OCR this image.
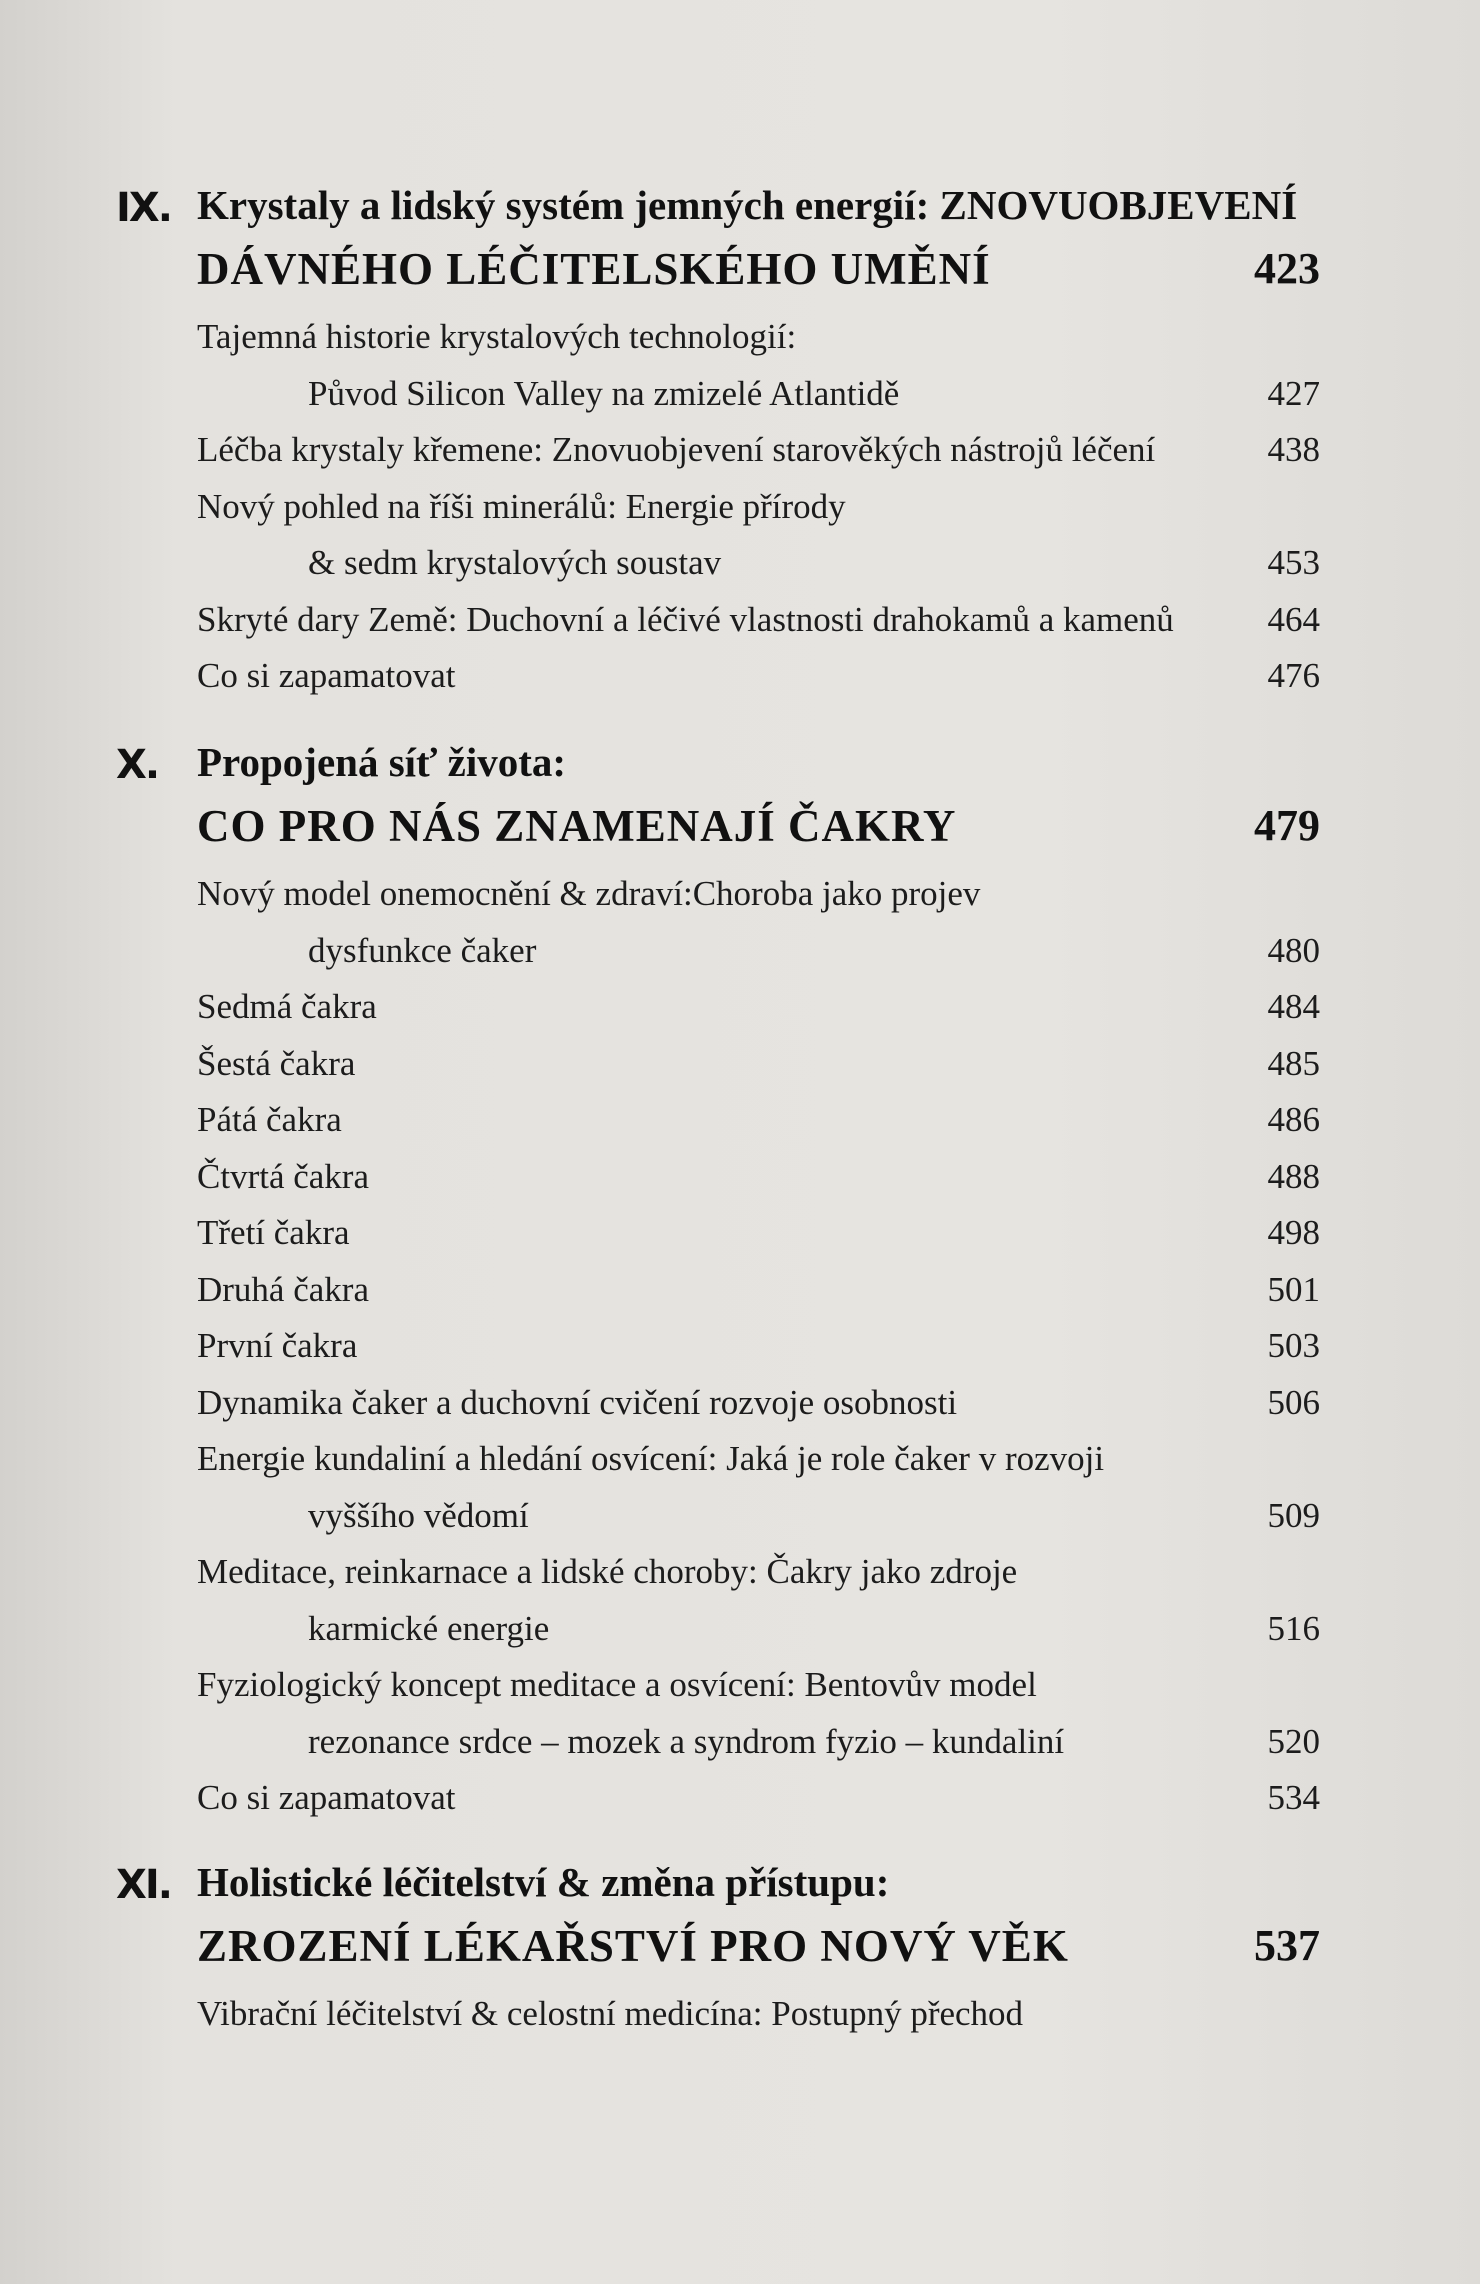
IX. Krystaly a lidský systém jemných energií: ZNOVUOBJEVENÍ
DÁVNÉHO LÉČITELSKÉHO UMĚNÍ	423
Tajemná historie krystalových technologií:
Původ Silicon Valley na zmizelé Atlantidě	427
Léčba krystaly křemene: Znovuobjevení starověkých nástrojů léčení	438
Nový pohled na říši minerálů: Energie přírody
& sedm krystalových soustav	453
Skryté dary Země: Duchovní a léčivé vlastnosti drahokamů a kamenů	464
Co si zapamatovat	476
X. Propojená síť života:
CO PRO NÁS ZNAMENAJÍ ČAKRY	479
Nový model onemocnění & zdraví:Choroba jako projev
dysfunkce čaker	480
Sedmá čakra	484
Šestá čakra	485
Pátá čakra	486
Čtvrtá čakra	488
Třetí čakra	498
Druhá čakra	501
První čakra	503
Dynamika čaker a duchovní cvičení rozvoje osobnosti	506
Energie kundaliní a hledání osvícení: Jaká je role čaker v rozvoji
vyššího vědomí	509
Meditace, reinkarnace a lidské choroby: Čakry jako zdroje
karmické energie	516
Fyziologický koncept meditace a osvícení: Bentovův model
rezonance srdce – mozek a syndrom fyzio – kundaliní	520
Co si zapamatovat	534
XI. Holistické léčitelství & změna přístupu:
ZROZENÍ LÉKAŘSTVÍ PRO NOVÝ VĚK	537
Vibrační léčitelství & celostní medicína: Postupný přechod
